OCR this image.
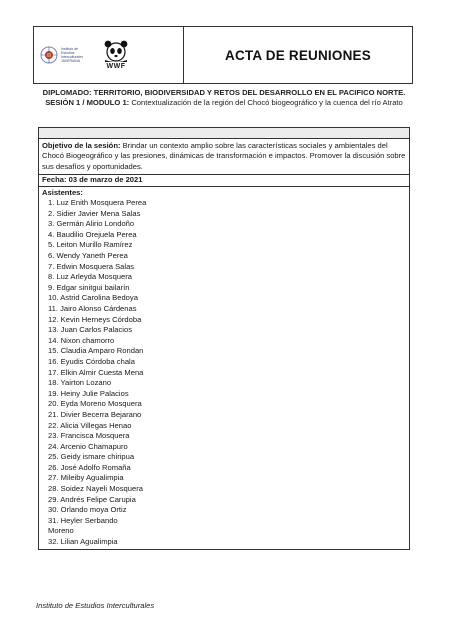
Instituto de
Estudios
Interculturales
JAVERIANA
WWF
ACTA DE REUNIONES
DIPLOMADO: TERRITORIO, BIODIVERSIDAD Y RETOS DEL DESARROLLO EN EL PACIFICO NORTE.
SESIÓN 1 / MODULO 1: Contextualización de la región del Chocó biogeográfico y la cuenca del río Atrato
Objetivo de la sesión: Brindar un contexto amplio sobre las características sociales y ambientales del Chocó Biogeográfico y las presiones, dinámicas de transformación e impactos. Promover la discusión sobre sus desafíos y oportunidades.
Fecha: 03 de marzo de 2021
Asistentes:
1. Luz Enith Mosquera Perea
2. Sidier Javier Mena Salas
3. Germán Alirio Londoño
4. Baudilio Orejuela Perea
5. Leiton Murillo Ramírez
6. Wendy Yaneth Perea
7. Edwin Mosquera Salas
8. Luz Arleyda Mosquera
9. Edgar sinitgui bailarín
10. Astrid Carolina Bedoya
11. Jairo Alonso Cárdenas
12. Kevin Herneys Córdoba
13. Juan Carlos Palacios
14. Nixon chamorro
15. Claudia Amparo Rondan
16. Eyudis Córdoba chala
17. Elkin Almir Cuesta Mena
18. Yairton Lozano
19. Heiny Julie Palacios
20. Eyda Moreno Mosquera
21. Divier Becerra Bejarano
22. Alicia Villegas Henao
23. Francisca Mosquera
24. Arcenio Chamapuro
25. Geidy ismare chiripua
26. José Adolfo Romaña
27. Mileiby Agualimpia
28. Soidez Nayeli Mosquera
29. Andrés Felipe Carupia
30. Orlando moya Ortiz
31. Heyler Serbando
Moreno
32. Lilian Agualimpia
Instituto de Estudios Interculturales
